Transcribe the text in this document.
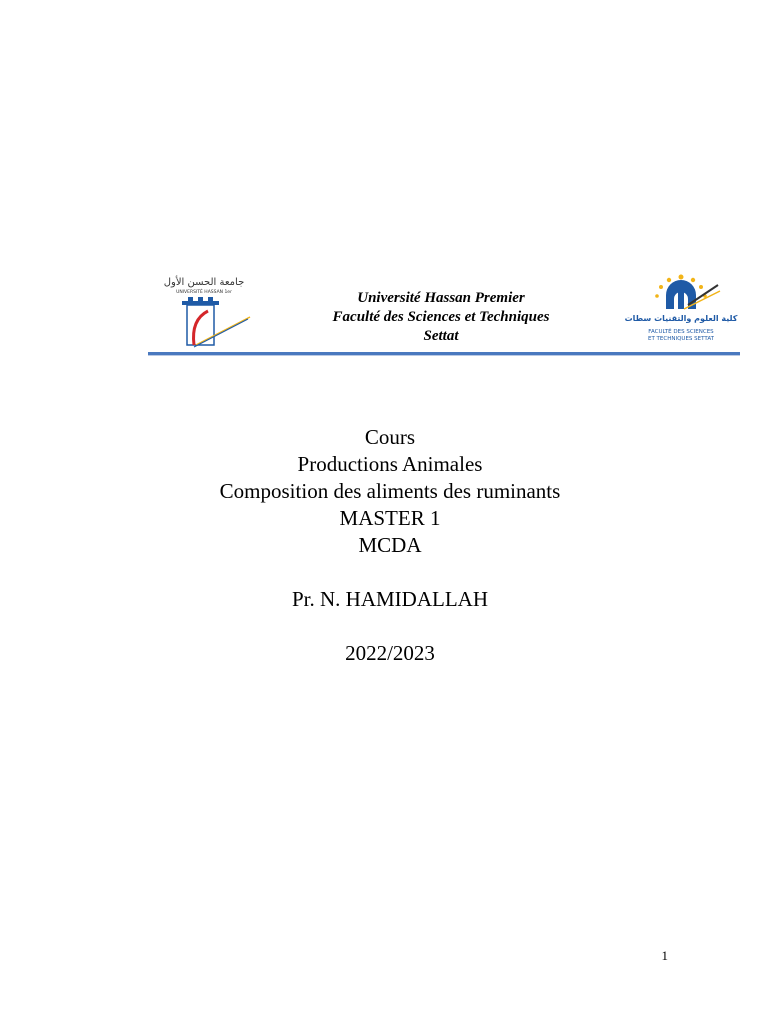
جامعة الحسن الأول
UNIVERSITÉ HASSAN 1er	Université Hassan Premier
Faculté des Sciences et Techniques
Settat
كلية العلوم والتقنيات سطات
FACULTÉ DES SCIENCES
ET TECHNIQUES SETTAT
Cours
Productions Animales
Composition des aliments des ruminants
MASTER 1
MCDA
Pr. N. HAMIDALLAH
2022/2023
1
